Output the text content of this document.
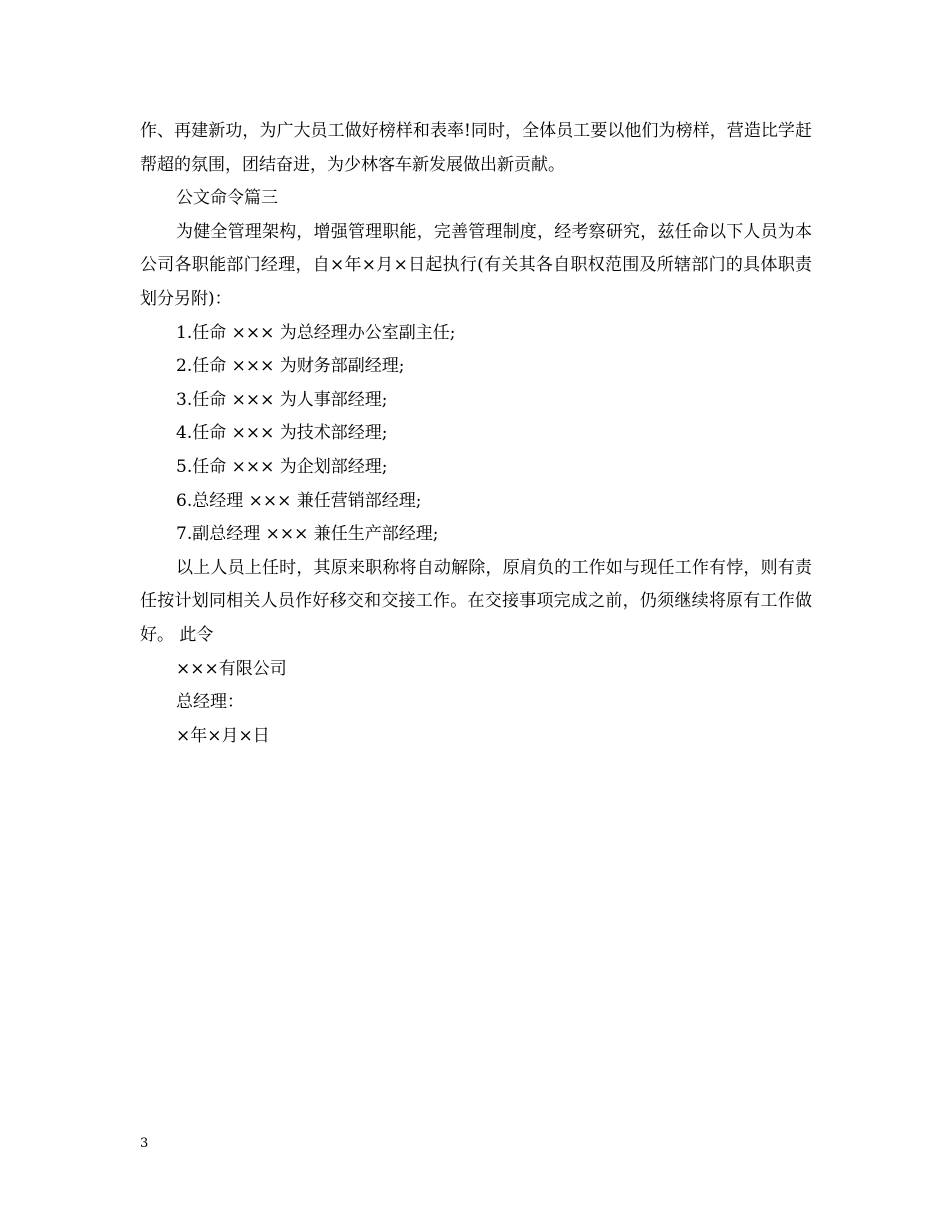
作、再建新功，为广大员工做好榜样和表率!同时，全体员工要以他们为榜样，营造比学赶帮超的氛围，团结奋进，为少林客车新发展做出新贡献。

公文命令篇三

为健全管理架构，增强管理职能，完善管理制度，经考察研究，兹任命以下人员为本公司各职能部门经理，自×年×月×日起执行(有关其各自职权范围及所辖部门的具体职责划分另附)：

1.任命 ××× 为总经理办公室副主任;

2.任命 ××× 为财务部副经理;

3.任命 ××× 为人事部经理;

4.任命 ××× 为技术部经理;

5.任命 ××× 为企划部经理;

6.总经理 ××× 兼任营销部经理;

7.副总经理 ××× 兼任生产部经理;

以上人员上任时，其原来职称将自动解除，原肩负的工作如与现任工作有悖，则有责任按计划同相关人员作好移交和交接工作。在交接事项完成之前，仍须继续将原有工作做好。 此令

×××有限公司

总经理：

×年×月×日

3
